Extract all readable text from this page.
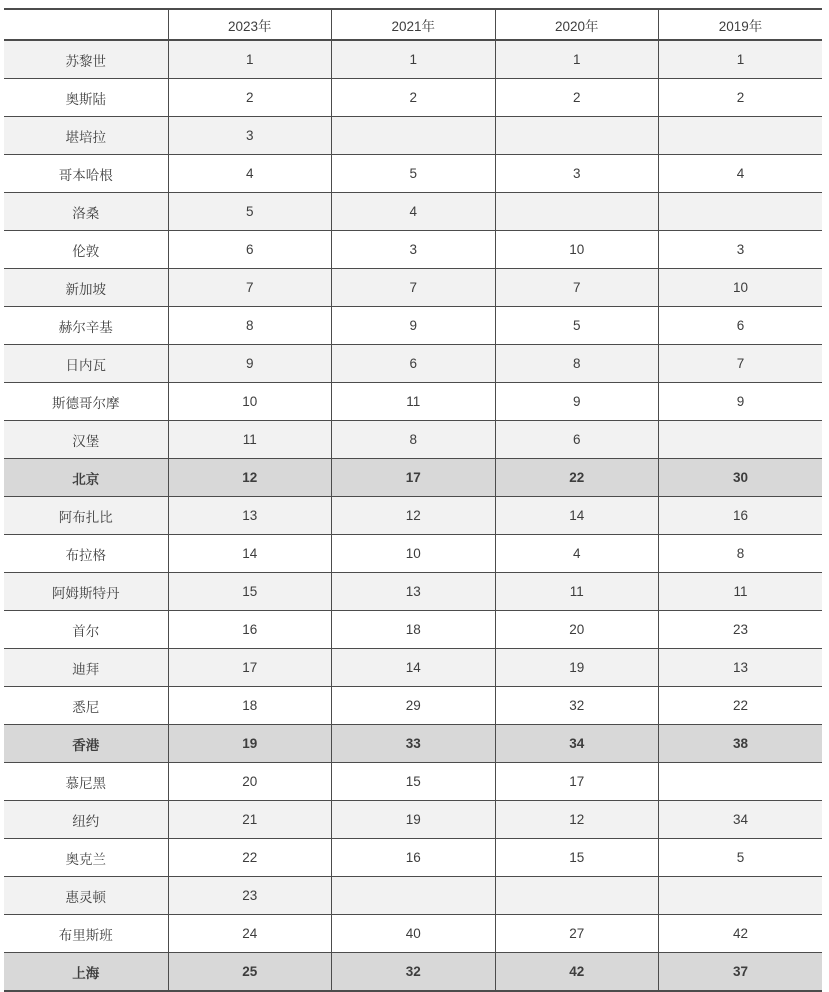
	2023年	2021年	2020年	2019年
苏黎世	1	1	1	1
奥斯陆	2	2	2	2
堪培拉	3			
哥本哈根	4	5	3	4
洛桑	5	4		
伦敦	6	3	10	3
新加坡	7	7	7	10
赫尔辛基	8	9	5	6
日内瓦	9	6	8	7
斯德哥尔摩	10	11	9	9
汉堡	11	8	6	
北京	12	17	22	30
阿布扎比	13	12	14	16
布拉格	14	10	4	8
阿姆斯特丹	15	13	11	11
首尔	16	18	20	23
迪拜	17	14	19	13
悉尼	18	29	32	22
香港	19	33	34	38
慕尼黑	20	15	17	
纽约	21	19	12	34
奥克兰	22	16	15	5
惠灵顿	23			
布里斯班	24	40	27	42
上海	25	32	42	37
